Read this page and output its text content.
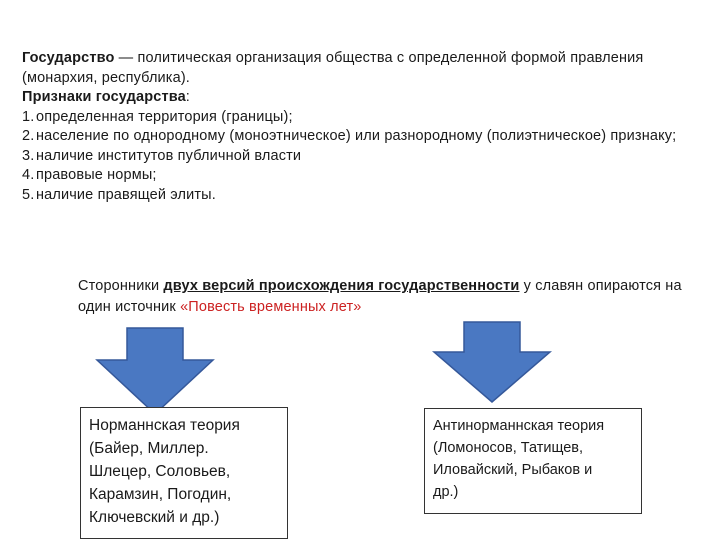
Государство — политическая организация общества с определенной формой правления (монархия, республика).

Признаки государства:

1. определенная территория (границы);
2. население по однородному (моноэтническое) или разнородному (полиэтническое) признаку;
3. наличие институтов публичной власти
4. правовые нормы;
5. наличие правящей элиты.
Сторонники двух версий происхождения государственности у славян опираются на один источник «Повесть временных лет»
Норманнская теория
(Байер, Миллер.
Шлецер, Соловьев,
Карамзин, Погодин,
Ключевский и др.)
Антинорманнская теория
(Ломоносов, Татищев,
Иловайский, Рыбаков и
др.)
